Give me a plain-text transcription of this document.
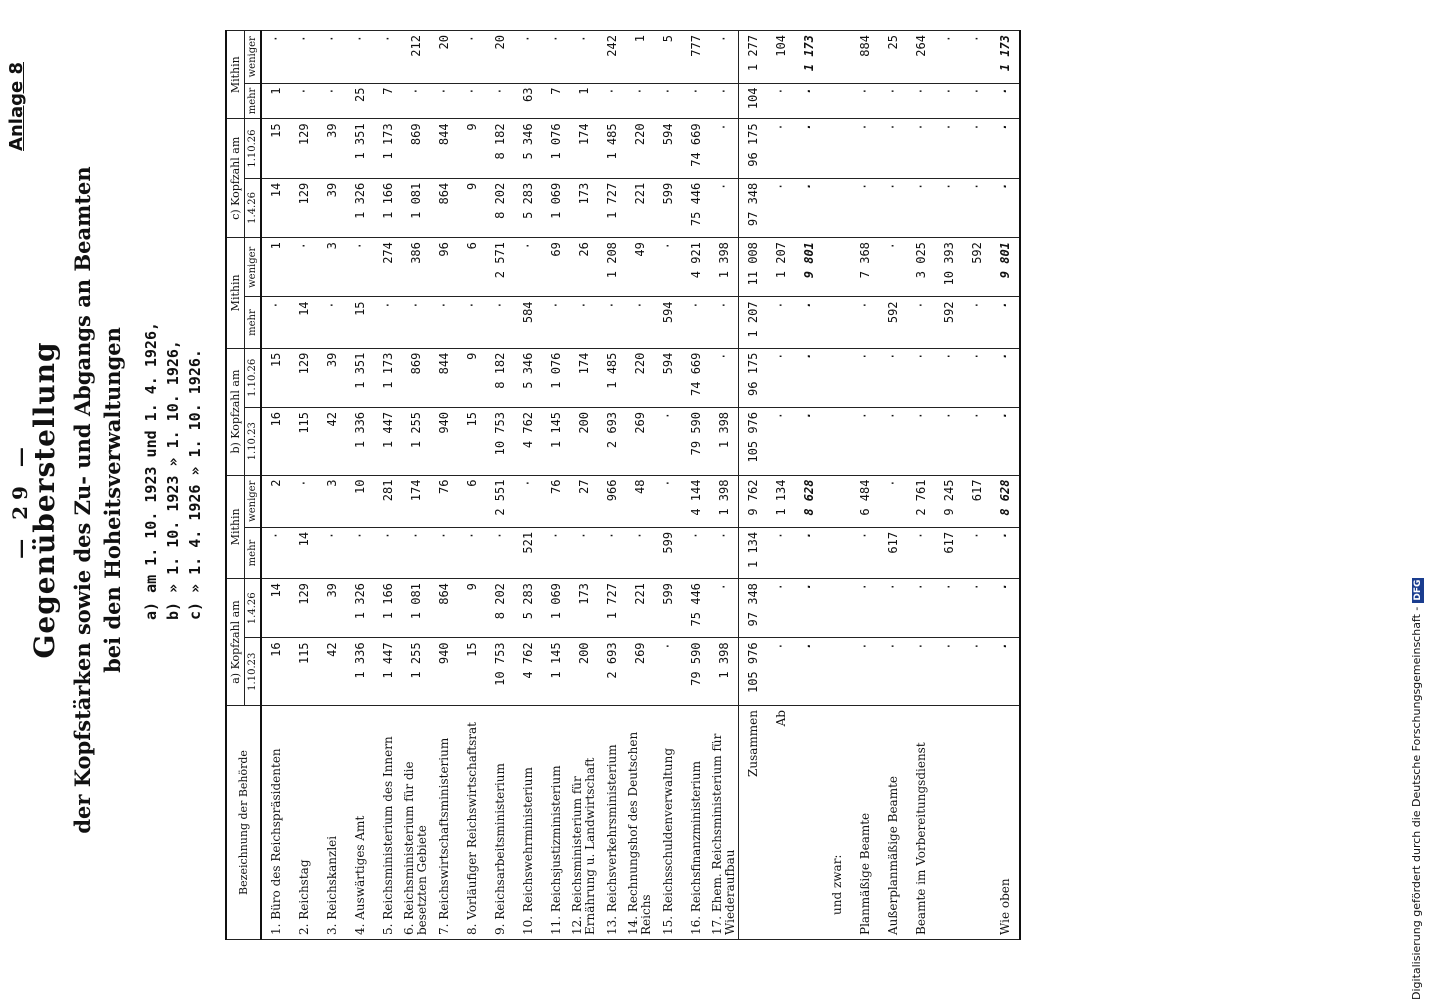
— 29 —
Anlage 8
Gegenüberstellung der Kopfstärken sowie des Zu- und Abgangs an Beamten bei den Hoheitsverwaltungen a) am 1. 10. 1923 und 1. 4. 1926, b) » 1. 10. 1923 » 1. 10. 1926, c) » 1. 4. 1926 » 1. 10. 1926.
Bezeichnung der Behörde	a) Kopfzahl am		Mithin		b) Kopfzahl am		Mithin		c) Kopfzahl am		Mithin	
	1.10.23	1.4.26	mehr	weniger	1.10.23	1.10.26	mehr	weniger	1.4.26	1.10.26	mehr	weniger
1. Büro des Reichspräsidenten	16	14	·	2	16	15	·	1	14	15	1	·
2. Reichstag	115	129	14	·	115	129	14	·	129	129	·	·
3. Reichskanzlei	42	39	·	3	42	39	·	3	39	39	·	·
4. Auswärtiges Amt	1 336	1 326	·	10	1 336	1 351	15	·	1 326	1 351	25	·
5. Reichsministerium des Innern	1 447	1 166	·	281	1 447	1 173	·	274	1 166	1 173	7	·
6. Reichsministerium für die besetzten Gebiete	1 255	1 081	·	174	1 255	869	·	386	1 081	869	·	212
7. Reichswirtschaftsministerium	940	864	·	76	940	844	·	96	864	844	·	20
8. Vorläufiger Reichswirtschaftsrat	15	9	·	6	15	9	·	6	9	9	·	·
9. Reichsarbeitsministerium	10 753	8 202	·	2 551	10 753	8 182	·	2 571	8 202	8 182	·	20
10. Reichswehrministerium	4 762	5 283	521	·	4 762	5 346	584	·	5 283	5 346	63	·
11. Reichsjustizministerium	1 145	1 069	·	76	1 145	1 076	·	69	1 069	1 076	7	·
12. Reichsministerium für Ernährung u. Landwirtschaft	200	173	·	27	200	174	·	26	173	174	1	·
13. Reichsverkehrsministerium	2 693	1 727	·	966	2 693	1 485	·	1 208	1 727	1 485	·	242
14. Rechnungshof des Deutschen Reichs	269	221	·	48	269	220	·	49	221	220	·	1
15. Reichsschuldenverwaltung	·	599	599	·	·	594	594	·	599	594	·	5
16. Reichsfinanzministerium	79 590	75 446	·	4 144	79 590	74 669	·	4 921	75 446	74 669	·	777
17. Ehem. Reichsministerium für Wiederaufbau	1 398	·	·	1 398	1 398	·	·	1 398	·	·	·	·
Zusammen	105 976	97 348	1 134	9 762	105 976	96 175	1 207	11 008	97 348	96 175	104	1 277
Ab	·	·	·	1 134	·	·	·	1 207	·	·	·	104
	·	·	·	8 628	·	·	·	9 801	·	·	·	1 173
und zwar:												
Planmäßige Beamte	·	·	·	6 484	·	·	·	7 368	·	·	·	884
Außerplanmäßige Beamte	·	·	617	·	·	·	592	·	·	·	·	25
Beamte im Vorbereitungsdienst	·	·	·	2 761	·	·	·	3 025	·	·	·	264
	·	·	617	9 245	·	·	592	10 393	·	·	·	·
	·	·	·	617	·	·	·	592	·	·	·	·
Wie oben	·	·	·	8 628	·	·	·	9 801	·	·	·	1 173
Digitalisierung gefördert durch die Deutsche Forschungsgemeinschaft -DFG
